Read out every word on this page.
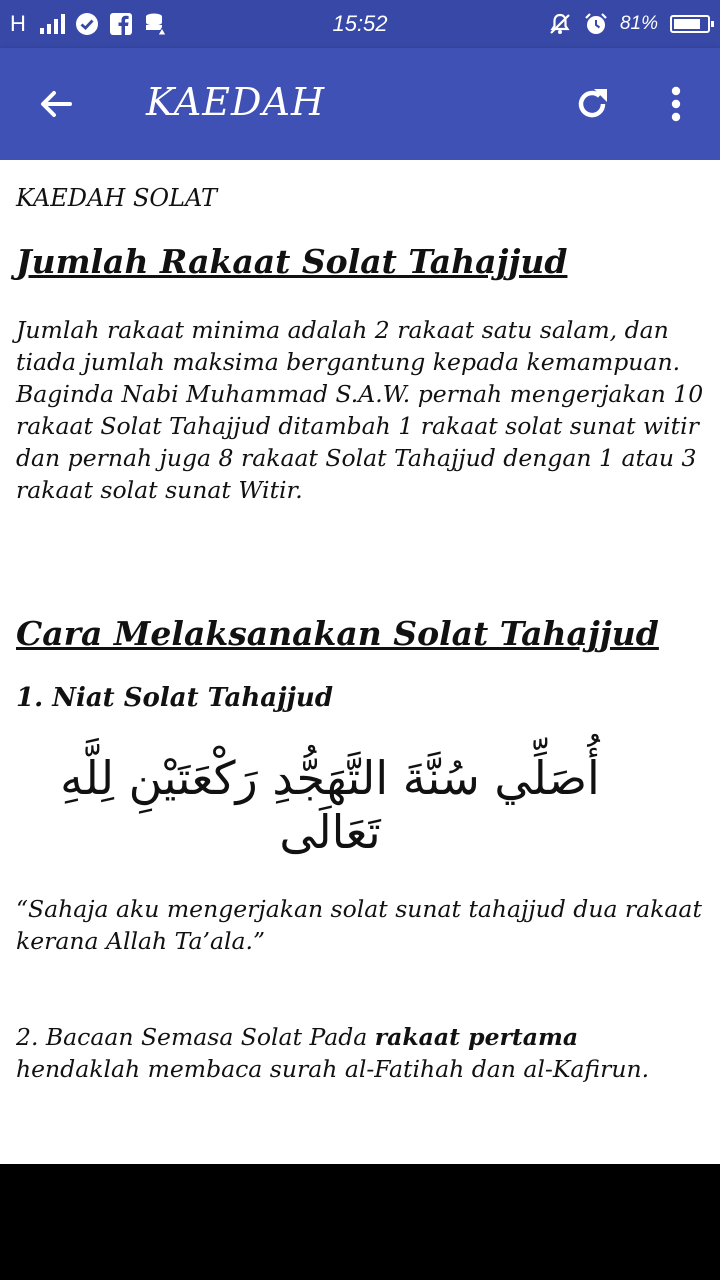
H	15:52	81%
KAEDAH

KAEDAH SOLAT

Jumlah Rakaat Solat Tahajjud

Jumlah rakaat minima adalah 2 rakaat satu salam, dan tiada jumlah maksima bergantung kepada kemampuan. Baginda Nabi Muhammad S.A.W. pernah mengerjakan 10 rakaat Solat Tahajjud ditambah 1 rakaat solat sunat witir dan pernah juga 8 rakaat Solat Tahajjud dengan 1 atau 3 rakaat solat sunat Witir.

Cara Melaksanakan Solat Tahajjud
1. Niat Solat Tahajjud

أُصَلِّي سُنَّةَ التَّهَجُّدِ رَكْعَتَيْنِ لِلَّهِ تَعَالَى

“Sahaja aku mengerjakan solat sunat tahajjud dua rakaat kerana Allah Ta’ala.”

2. Bacaan Semasa Solat Pada rakaat pertama hendaklah membaca surah al-Fatihah dan al-Kafirun.
